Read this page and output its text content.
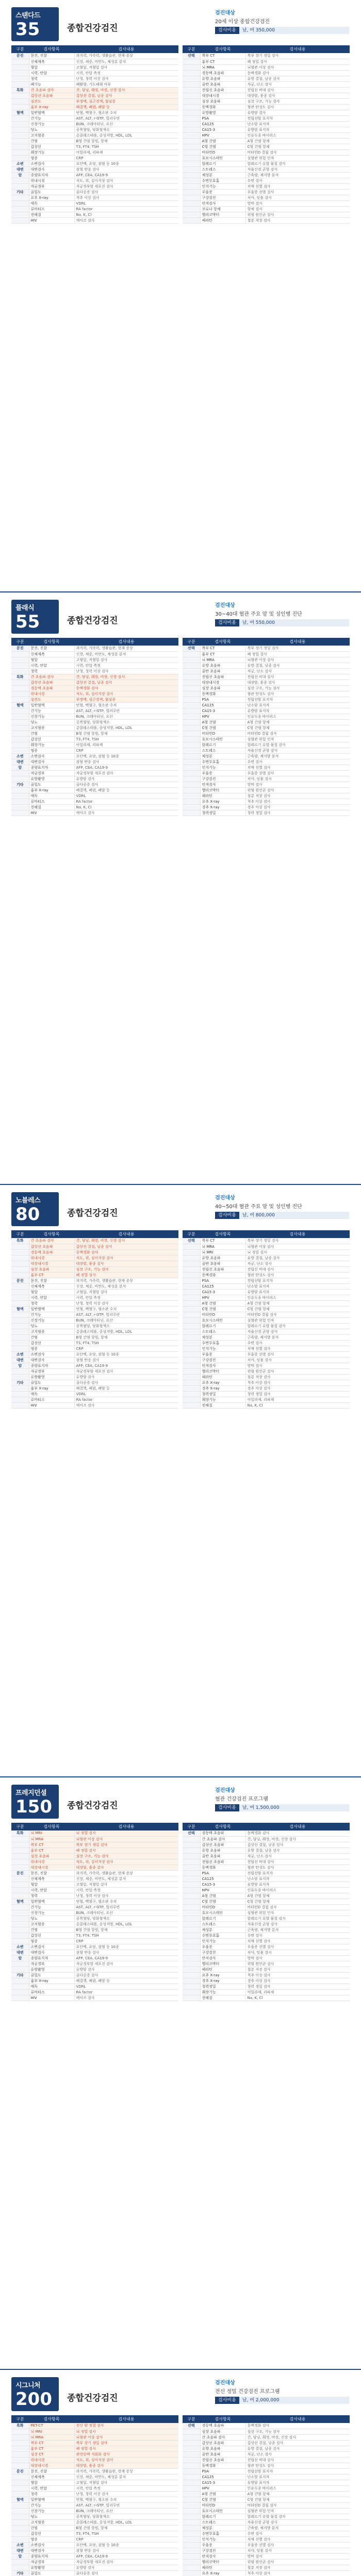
스탠다드
35	종합건강검진
검진대상
20세 이상 종합건강검진
검사비용	남, 여 350,000
구분	검사항목	검사내용
문진	문진, 진찰	과거력, 가족력, 생활습관, 현재 증상
	신체계측	신장, 체중, 비만도, 체성분 분석
	혈압	고혈압, 저혈압 검사
	시력, 안압	시력, 안압 측정
	청력	난청, 청력 이상 검사
	폐기능	폐활량, 기도폐쇄 여부
특화	간 초음파 검사	간, 담낭, 췌장, 비장, 신장 검사
	갑상선 초음파	갑상선 결절, 낭종 검사
	심전도	부정맥, 심근경색, 협심증
	흉부 X-ray	폐결핵, 폐렴, 폐암 등
혈액	일반혈액	빈혈, 백혈구, 혈소판 수치
	간기능	AST, ALT, r-GTP, 빌리루빈
	신장기능	BUN, 크레아티닌, 요산
	당뇨	공복혈당, 당화혈색소
	고지혈증	총콜레스테롤, 중성지방, HDL, LDL
	간염	B형 간염 항원, 항체
	갑상선	T3, FT4, TSH
	췌장기능	아밀라제, 리파제
	염증	CRP
소변	소변검사	요단백, 요당, 잠혈 등 10종
대변	대변검사	잠혈 반응 검사
암	종양표지자	AFP, CEA, CA19-9
	위내시경	식도, 위, 십이지장 검사
	자궁경부	자궁경부암 세포진 검사
기타	골밀도	골다공증 검사
	요추 X-ray	척추 이상 검사
	매독	VDRL
	류마티스	RA factor
	전해질	Na, K, Cl
	HIV	에이즈 검사
구분	검사항목	검사내용
선택	복부 CT	복부 장기 정밀 검사
	흉부 CT	폐 정밀 검사
	뇌 MRA	뇌혈관 이상 검사
	경동맥 초음파	동맥경화 검사
	유방 초음파	유방 결절, 낭종 검사
	골반 초음파	자궁, 난소 검사
	전립선 초음파	전립선 비대 검사
	대장내시경	대장암, 용종 검사
	심장 초음파	심장 구조, 기능 검사
	동맥경화	혈관 탄성도 검사
	유방촬영	유방암 검사
	PSA	전립선암 표지자
	CA125	난소암 표지자
	CA15-3	유방암 표지자
	HPV	인유두종 바이러스
	A형 간염	A형 간염 항체
	C형 간염	C형 간염 항체
	비타민D	비타민D 결핍 검사
	호모시스테인	심혈관 위험 인자
	알레르기	알레르기 유발 물질 검사
	스트레스	자율신경 균형 검사
	체성분	근육량, 체지방 분석
	수면무호흡	수면 검사
	인지기능	치매 선별 검사
	우울증	우울증 선별 검사
	구강검진	치아, 잇몸 검사
	안저검사	망막 검사
	코로나 항체	항체 검사
	헬리코박터	위염 원인균 검사
	페라틴	철분 저장 검사
플래식
55	종합건강검진
검진대상
30~40대 혈관 주요 암 및 성인병 진단
검사비용	남, 여 550,000
구분	검사항목	검사내용
문진	문진, 진찰	과거력, 가족력, 생활습관, 현재 증상
	신체계측	신장, 체중, 비만도, 체성분 분석
	혈압	고혈압, 저혈압 검사
	시력, 안압	시력, 안압 측정
	청력	난청, 청력 이상 검사
특화	간 초음파 검사	간, 담낭, 췌장, 비장, 신장 검사
	갑상선 초음파	갑상선 결절, 낭종 검사
	경동맥 초음파	동맥경화 검사
	위내시경	식도, 위, 십이지장 검사
	심전도	부정맥, 심근경색, 협심증
혈액	일반혈액	빈혈, 백혈구, 혈소판 수치
	간기능	AST, ALT, r-GTP, 빌리루빈
	신장기능	BUN, 크레아티닌, 요산
	당뇨	공복혈당, 당화혈색소
	고지혈증	총콜레스테롤, 중성지방, HDL, LDL
	간염	B형 간염 항원, 항체
	갑상선	T3, FT4, TSH
	췌장기능	아밀라제, 리파제
	염증	CRP
소변	소변검사	요단백, 요당, 잠혈 등 10종
대변	대변검사	잠혈 반응 검사
암	종양표지자	AFP, CEA, CA19-9
	자궁경부	자궁경부암 세포진 검사
	유방촬영	유방암 검사
기타	골밀도	골다공증 검사
	흉부 X-ray	폐결핵, 폐렴, 폐암 등
	매독	VDRL
	류마티스	RA factor
	전해질	Na, K, Cl
	HIV	에이즈 검사
구분	검사항목	검사내용
선택	복부 CT	복부 장기 정밀 검사
	흉부 CT	폐 정밀 검사
	뇌 MRA	뇌혈관 이상 검사
	유방 초음파	유방 결절, 낭종 검사
	골반 초음파	자궁, 난소 검사
	전립선 초음파	전립선 비대 검사
	대장내시경	대장암, 용종 검사
	심장 초음파	심장 구조, 기능 검사
	동맥경화	혈관 탄성도 검사
	PSA	전립선암 표지자
	CA125	난소암 표지자
	CA15-3	유방암 표지자
	HPV	인유두종 바이러스
	A형 간염	A형 간염 항체
	C형 간염	C형 간염 항체
	비타민D	비타민D 결핍 검사
	호모시스테인	심혈관 위험 인자
	알레르기	알레르기 유발 물질 검사
	스트레스	자율신경 균형 검사
	체성분	근육량, 체지방 분석
	수면무호흡	수면 검사
	인지기능	치매 선별 검사
	우울증	우울증 선별 검사
	구강검진	치아, 잇몸 검사
	안저검사	망막 검사
	헬리코박터	위염 원인균 검사
	페라틴	철분 저장 검사
	요추 X-ray	척추 이상 검사
	경추 X-ray	경추 이상 검사
	청력정밀	청력 정밀 검사
노블레스
80	종합건강검진
검진대상
40~50대 혈관 주요 암 및 성인병 진단
검사비용	남, 여 800,000
구분	검사항목	검사내용
특화	간 초음파 검사	간, 담낭, 췌장, 비장, 신장 검사
	갑상선 초음파	갑상선 결절, 낭종 검사
	경동맥 초음파	동맥경화 검사
	위내시경	식도, 위, 십이지장 검사
	대장내시경	대장암, 용종 검사
	심장 초음파	심장 구조, 기능 검사
	흉부 CT	폐 정밀 검사
문진	문진, 진찰	과거력, 가족력, 생활습관, 현재 증상
	신체계측	신장, 체중, 비만도, 체성분 분석
	혈압	고혈압, 저혈압 검사
	시력, 안압	시력, 안압 측정
	청력	난청, 청력 이상 검사
혈액	일반혈액	빈혈, 백혈구, 혈소판 수치
	간기능	AST, ALT, r-GTP, 빌리루빈
	신장기능	BUN, 크레아티닌, 요산
	당뇨	공복혈당, 당화혈색소
	고지혈증	총콜레스테롤, 중성지방, HDL, LDL
	간염	B형 간염 항원, 항체
	갑상선	T3, FT4, TSH
	염증	CRP
소변	소변검사	요단백, 요당, 잠혈 등 10종
대변	대변검사	잠혈 반응 검사
암	종양표지자	AFP, CEA, CA19-9
	자궁경부	자궁경부암 세포진 검사
	유방촬영	유방암 검사
기타	골밀도	골다공증 검사
	흉부 X-ray	폐결핵, 폐렴, 폐암 등
	매독	VDRL
	류마티스	RA factor
	HIV	에이즈 검사
구분	검사항목	검사내용
선택	복부 CT	복부 장기 정밀 검사
	뇌 MRA	뇌혈관 이상 검사
	뇌 MRI	뇌 정밀 검사
	유방 초음파	유방 결절, 낭종 검사
	골반 초음파	자궁, 난소 검사
	전립선 초음파	전립선 비대 검사
	동맥경화	혈관 탄성도 검사
	PSA	전립선암 표지자
	CA125	난소암 표지자
	CA15-3	유방암 표지자
	HPV	인유두종 바이러스
	A형 간염	A형 간염 항체
	C형 간염	C형 간염 항체
	비타민D	비타민D 결핍 검사
	호모시스테인	심혈관 위험 인자
	알레르기	알레르기 유발 물질 검사
	스트레스	자율신경 균형 검사
	체성분	근육량, 체지방 분석
	수면무호흡	수면 검사
	인지기능	치매 선별 검사
	우울증	우울증 선별 검사
	구강검진	치아, 잇몸 검사
	안저검사	망막 검사
	헬리코박터	위염 원인균 검사
	페라틴	철분 저장 검사
	요추 X-ray	척추 이상 검사
	경추 X-ray	경추 이상 검사
	청력정밀	청력 정밀 검사
	췌장기능	아밀라제, 리파제
	전해질	Na, K, Cl
프레지던셜
150 종합건강검진
검진대상
혈관 건강검진 프로그램
검사비용	남, 여 1,500,000
구분	검사항목	검사내용
특화	뇌 MRI	뇌 정밀 검사
	뇌 MRA	뇌혈관 이상 검사
	복부 CT	복부 장기 정밀 검사
	흉부 CT	폐 정밀 검사
	심장 초음파	심장 구조, 기능 검사
	위내시경	식도, 위, 십이지장 검사
	대장내시경	대장암, 용종 검사
문진	문진, 진찰	과거력, 가족력, 생활습관, 현재 증상
	신체계측	신장, 체중, 비만도, 체성분 분석
	혈압	고혈압, 저혈압 검사
	시력, 안압	시력, 안압 측정
	청력	난청, 청력 이상 검사
혈액	일반혈액	빈혈, 백혈구, 혈소판 수치
	간기능	AST, ALT, r-GTP, 빌리루빈
	신장기능	BUN, 크레아티닌, 요산
	당뇨	공복혈당, 당화혈색소
	고지혈증	총콜레스테롤, 중성지방, HDL, LDL
	간염	B형 간염 항원, 항체
	갑상선	T3, FT4, TSH
	염증	CRP
소변	소변검사	요단백, 요당, 잠혈 등 10종
대변	대변검사	잠혈 반응 검사
암	종양표지자	AFP, CEA, CA19-9
	자궁경부	자궁경부암 세포진 검사
	유방촬영	유방암 검사
기타	골밀도	골다공증 검사
	흉부 X-ray	폐결핵, 폐렴, 폐암 등
	매독	VDRL
	류마티스	RA factor
	HIV	에이즈 검사
구분	검사항목	검사내용
선택	경동맥 초음파	동맥경화 검사
	간 초음파 검사	간, 담낭, 췌장, 비장, 신장 검사
	갑상선 초음파	갑상선 결절, 낭종 검사
	유방 초음파	유방 결절, 낭종 검사
	골반 초음파	자궁, 난소 검사
	전립선 초음파	전립선 비대 검사
	동맥경화	혈관 탄성도 검사
	PSA	전립선암 표지자
	CA125	난소암 표지자
	CA15-3	유방암 표지자
	HPV	인유두종 바이러스
	A형 간염	A형 간염 항체
	C형 간염	C형 간염 항체
	비타민D	비타민D 결핍 검사
	호모시스테인	심혈관 위험 인자
	알레르기	알레르기 유발 물질 검사
	스트레스	자율신경 균형 검사
	체성분	근육량, 체지방 분석
	수면무호흡	수면 검사
	인지기능	치매 선별 검사
	우울증	우울증 선별 검사
	구강검진	치아, 잇몸 검사
	안저검사	망막 검사
	헬리코박터	위염 원인균 검사
	페라틴	철분 저장 검사
	요추 X-ray	척추 이상 검사
	경추 X-ray	경추 이상 검사
	청력정밀	청력 정밀 검사
	췌장기능	아밀라제, 리파제
	전해질	Na, K, Cl
시그니처
200 종합건강검진
검진대상
전신 정밀 건강검진 프로그램
검사비용	남, 여 2,000,000
구분	검사항목	검사내용
특화	PET-CT	전신 암 정밀 검사
	뇌 MRI	뇌 정밀 검사
	뇌 MRA	뇌혈관 이상 검사
	복부 CT	복부 장기 정밀 검사
	흉부 CT	폐 정밀 검사
	심장 CT	관상동맥 석회화 검사
	위내시경	식도, 위, 십이지장 검사
	대장내시경	대장암, 용종 검사
문진	문진, 진찰	과거력, 가족력, 생활습관, 현재 증상
	신체계측	신장, 체중, 비만도, 체성분 분석
	혈압	고혈압, 저혈압 검사
	시력, 안압	시력, 안압 측정
	청력	난청, 청력 이상 검사
혈액	일반혈액	빈혈, 백혈구, 혈소판 수치
	간기능	AST, ALT, r-GTP, 빌리루빈
	신장기능	BUN, 크레아티닌, 요산
	당뇨	공복혈당, 당화혈색소
	고지혈증	총콜레스테롤, 중성지방, HDL, LDL
	간염	B형 간염 항원, 항체
	갑상선	T3, FT4, TSH
	염증	CRP
소변	소변검사	요단백, 요당, 잠혈 등 10종
대변	대변검사	잠혈 반응 검사
암	종양표지자	AFP, CEA, CA19-9
	자궁경부	자궁경부암 세포진 검사
	유방촬영	유방암 검사
기타	골밀도	골다공증 검사

구분	검사항목	검사내용
선택	경동맥 초음파	동맥경화 검사
	심장 초음파	심장 구조, 기능 검사
	간 초음파 검사	간, 담낭, 췌장, 비장, 신장 검사
	갑상선 초음파	갑상선 결절, 낭종 검사
	유방 초음파	유방 결절, 낭종 검사
	골반 초음파	자궁, 난소 검사
	전립선 초음파	전립선 비대 검사
	동맥경화	혈관 탄성도 검사
	PSA	전립선암 표지자
	CA125	난소암 표지자
	CA15-3	유방암 표지자
	HPV	인유두종 바이러스
	A형 간염	A형 간염 항체
	C형 간염	C형 간염 항체
	비타민D	비타민D 결핍 검사
	호모시스테인	심혈관 위험 인자
	알레르기	알레르기 유발 물질 검사
	스트레스	자율신경 균형 검사
	체성분	근육량, 체지방 분석
	수면무호흡	수면 검사
	인지기능	치매 선별 검사
	우울증	우울증 선별 검사
	구강검진	치아, 잇몸 검사
	안저검사	망막 검사
	헬리코박터	위염 원인균 검사
	페라틴	철분 저장 검사
	요추 X-ray	척추 이상 검사
